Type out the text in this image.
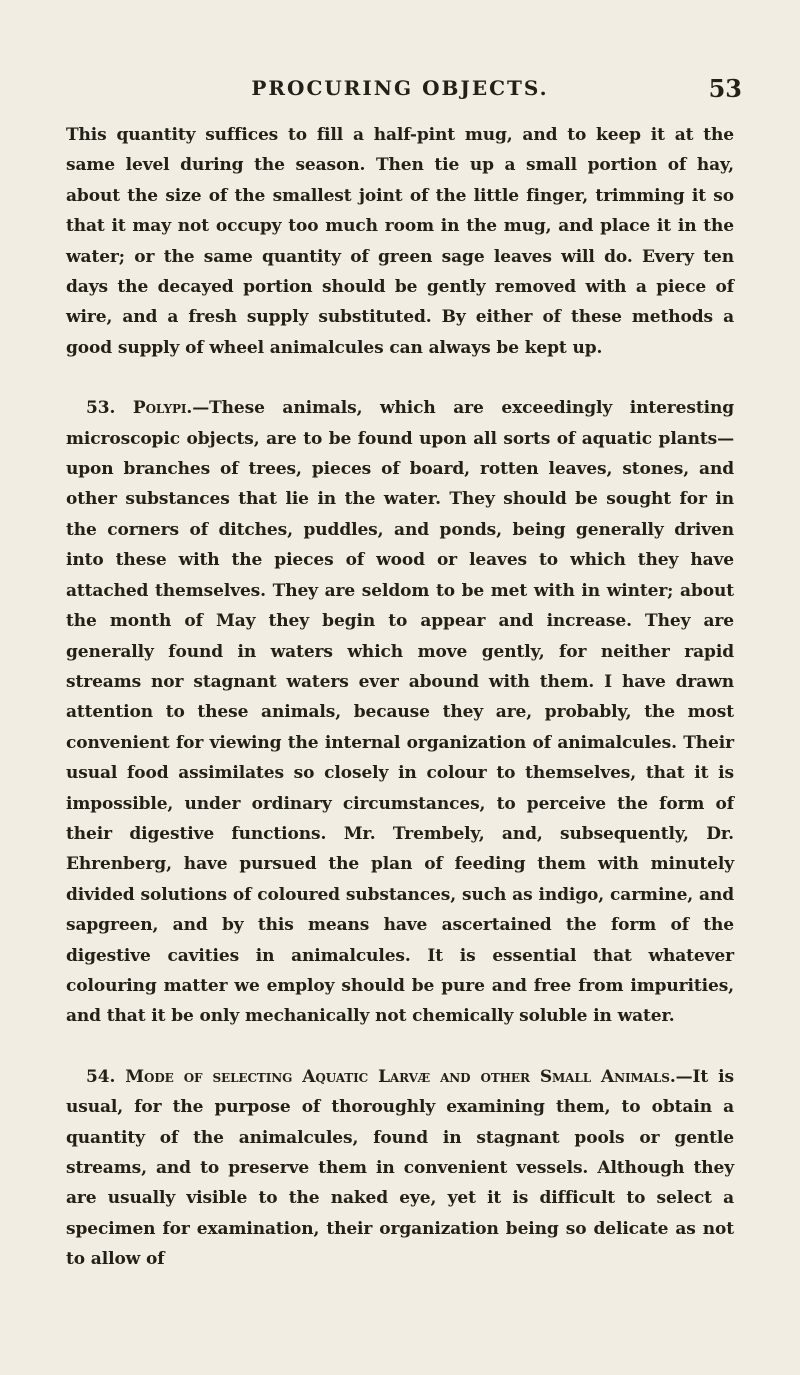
PROCURING OBJECTS.	53

This quantity suffices to fill a half-pint mug, and to keep it at the same level during the season. Then tie up a small portion of hay, about the size of the smallest joint of the little finger, trimming it so that it may not occupy too much room in the mug, and place it in the water; or the same quantity of green sage leaves will do. Every ten days the decayed portion should be gently removed with a piece of wire, and a fresh supply substituted. By either of these methods a good supply of wheel animalcules can always be kept up.

53. Polypi.—These animals, which are exceedingly interesting microscopic objects, are to be found upon all sorts of aquatic plants—upon branches of trees, pieces of board, rotten leaves, stones, and other substances that lie in the water. They should be sought for in the corners of ditches, puddles, and ponds, being generally driven into these with the pieces of wood or leaves to which they have attached themselves. They are seldom to be met with in winter; about the month of May they begin to appear and increase. They are generally found in waters which move gently, for neither rapid streams nor stagnant waters ever abound with them. I have drawn attention to these animals, because they are, probably, the most convenient for viewing the internal organization of animalcules. Their usual food assimilates so closely in colour to themselves, that it is impossible, under ordinary circumstances, to perceive the form of their digestive functions. Mr. Trembely, and, subsequently, Dr. Ehrenberg, have pursued the plan of feeding them with minutely divided solutions of coloured substances, such as indigo, carmine, and sapgreen, and by this means have ascertained the form of the digestive cavities in animalcules. It is essential that whatever colouring matter we employ should be pure and free from impurities, and that it be only mechanically not chemically soluble in water.

54. Mode of selecting Aquatic Larvæ and other Small Animals.—It is usual, for the purpose of thoroughly examining them, to obtain a quantity of the animalcules, found in stagnant pools or gentle streams, and to preserve them in convenient vessels. Although they are usually visible to the naked eye, yet it is difficult to select a specimen for examination, their organization being so delicate as not to allow of
